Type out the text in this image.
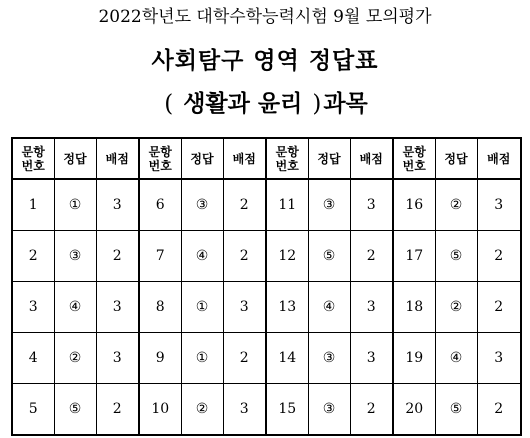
2022학년도 대학수학능력시험 9월 모의평가
사회탐구 영역 정답표
( 생활과 윤리 )과목
문항번호	정답	배점	문항번호	정답	배점	문항번호	정답	배점	문항번호	정답	배점
1	①	3	6	③	2	11	③	3	16	②	3
2	③	2	7	④	2	12	⑤	2	17	⑤	2
3	④	3	8	①	3	13	④	3	18	②	2
4	②	3	9	①	2	14	③	3	19	④	3
5	⑤	2	10	②	3	15	③	2	20	⑤	2
